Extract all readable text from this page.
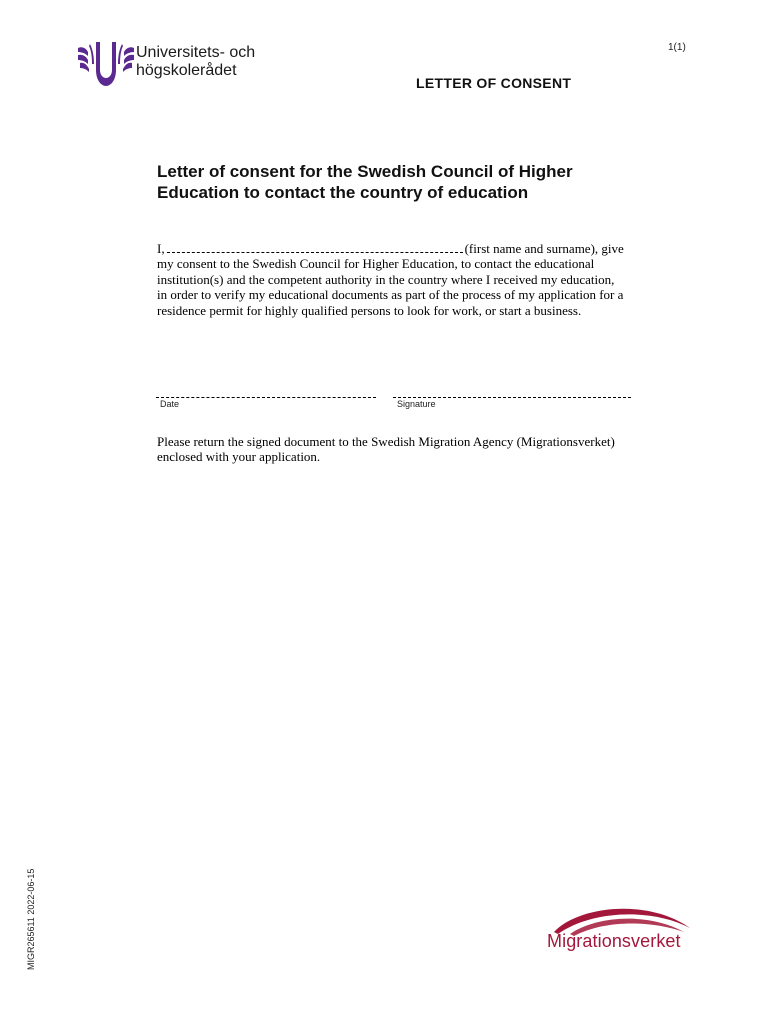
Universitets- och
högskolerådet
1(1)
LETTER OF CONSENT
Letter of consent for the Swedish Council of Higher
Education to contact the country of education
I,	(first name and surname), give my consent to the Swedish Council for Higher Education, to contact the educational institution(s) and the competent authority in the country where I received my education, in order to verify my educational documents as part of the process of my application for a residence permit for highly qualified persons to look for work, or start a business.
Date	Signature
Please return the signed document to the Swedish Migration Agency (Migrationsverket) enclosed with your application.
MIGR265611 2022-06-15	Migrationsverket
